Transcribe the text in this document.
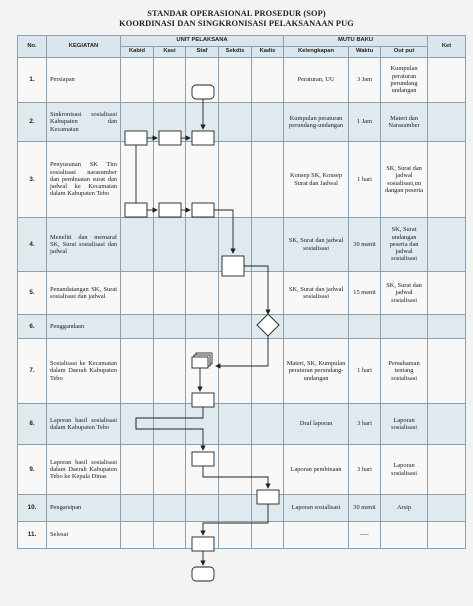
STANDAR OPERASIONAL PROSEDUR (SOP)
KOORDINASI DAN SINGKRONISASI PELAKSANAAN PUG
No.	KEGIATAN	UNIT PELAKSANA					MUTU BAKU			Ket
		Kabid	Kasi	Staf	Sekdis	Kadis	Kelengkapan	Waktu	Out put	
1.	Persiapan						Peraturan, UU	3 Jam	Kumpulan peraturan perundang undangan	
2.	Sinkronisasi sosialisasi Kabupaten dan Kecamatan						Kumpulan peraturan perundang-undangan	1 Jam	Materi dan Narasumber	
3.	Penyusunan SK Tim sosialisasi narasumber dan pembuatan surat dan jadwal ke Kecamatan dalam Kabupaten Tebo						Konsep SK, Konsep Surat dan Jadwal	1 hari	SK, Surat dan jadwal sosialisasi,un dangan peserta	
4.	Meneliti dan memaraf SK, Surat sosialisasi dan jadwal						SK, Surat dan jadwal sosialisasi	30 menit	SK, Surat undangan peserta dan jadwal sosialisasi	
5.	Penandatangan SK, Surat sosialisasi dan jadwal						SK, Surat dan jadwal sosialisasi	15 menit	SK, Surat dan jadwal sosialisasi	
6.	Penggandaan									
7.	Sosialisasi ke Kecamatan dalam Daerah Kabupaten Tebo						Materi, SK, Kumpulan peraturan perundang-undangan	1 hari	Pemahaman tentang sosialisasi	
8.	Laporan hasil sosialisasi dalam Kabupaten Tebo						Draf laporan	3 hari	Laporan sosialisasi	
9.	Laporan hasil sosialisasi dalam Daerah Kabupaten Tebo ke Kepala Dinas						Laporan pembinaan	3 hari	Laporan sosialisasi	
10.	Pengarsipan						Laporan sosialisasi	30 menit	Arsip	
11.	Selesai							----		
